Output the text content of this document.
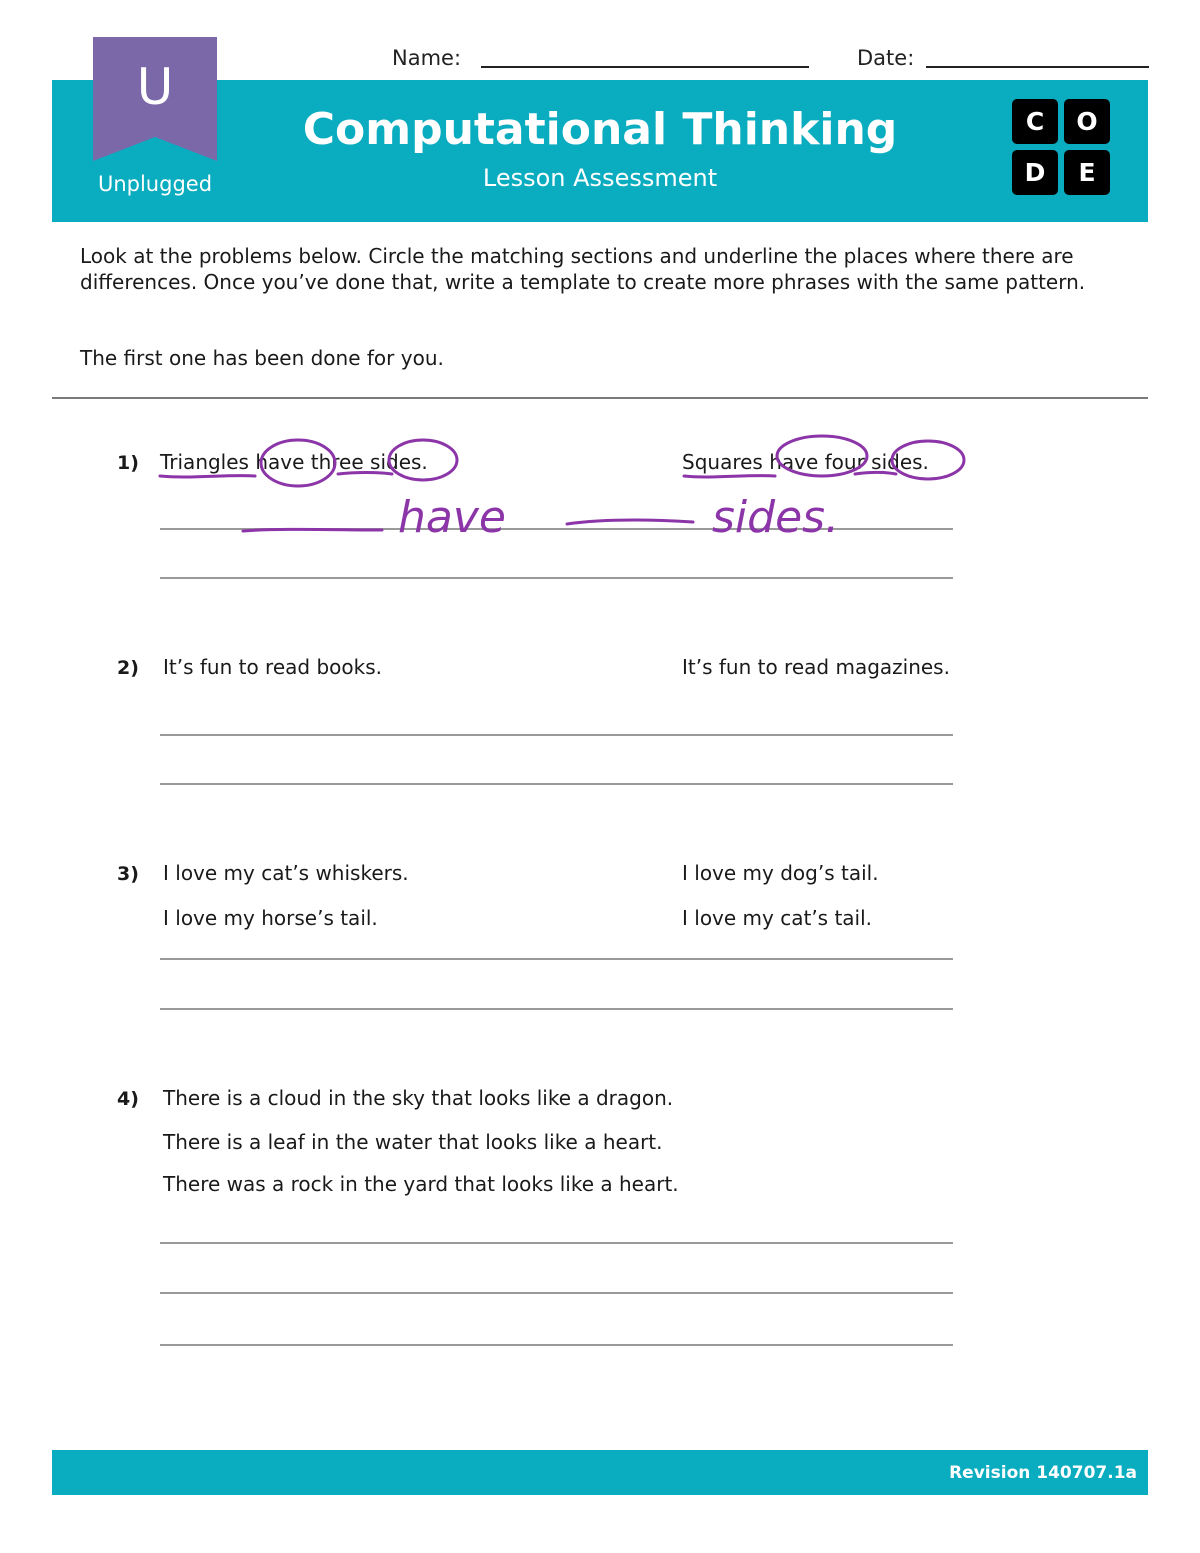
Name:	Date:
U
Unplugged
Computational Thinking
Lesson Assessment
C	O
D	E
Look at the problems below. Circle the matching sections and underline the places where there are differences. Once you’ve done that, write a template to create more phrases with the same pattern.
The first one has been done for you.
1) Triangles have three sides.	Squares have four sides.
2) It’s fun to read books.	It’s fun to read magazines.
3) I love my cat’s whiskers.	I love my dog’s tail.
I love my horse’s tail.	I love my cat’s tail.
4) There is a cloud in the sky that looks like a dragon.
There is a leaf in the water that looks like a heart.
There was a rock in the yard that looks like a heart.
have	sides.
Revision 140707.1a
